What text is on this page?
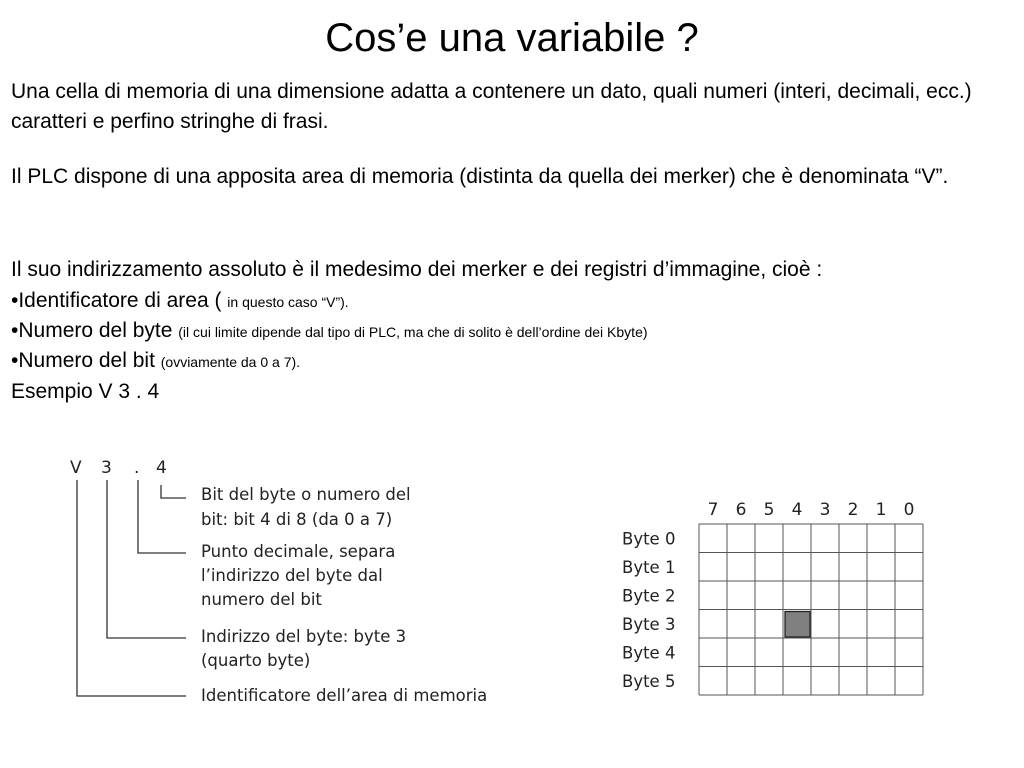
Cos’e una variabile ?
Una cella di memoria di una dimensione adatta a contenere un dato, quali numeri (interi, decimali, ecc.) caratteri e perfino stringhe di frasi.
Il PLC dispone di una apposita area di memoria (distinta da quella dei merker) che è denominata “V”.
Il suo indirizzamento assoluto è il medesimo dei merker e dei registri d’immagine, cioè :
•Identificatore di area ( in questo caso “V”).
•Numero del byte (il cui limite dipende dal tipo di PLC, ma che di solito è dell’ordine dei Kbyte)
•Numero del bit (ovviamente da 0 a 7).
Esempio V 3 . 4
V 3 . 4
Bit del byte o numero del
bit: bit 4 di 8 (da 0 a 7)
Punto decimale, separa
l’indirizzo del byte dal
numero del bit
Indirizzo del byte: byte 3
(quarto byte)
Identificatore dell’area di memoria
7 6 5 4 3 2 1 0
Byte 0
Byte 1
Byte 2
Byte 3
Byte 4
Byte 5
